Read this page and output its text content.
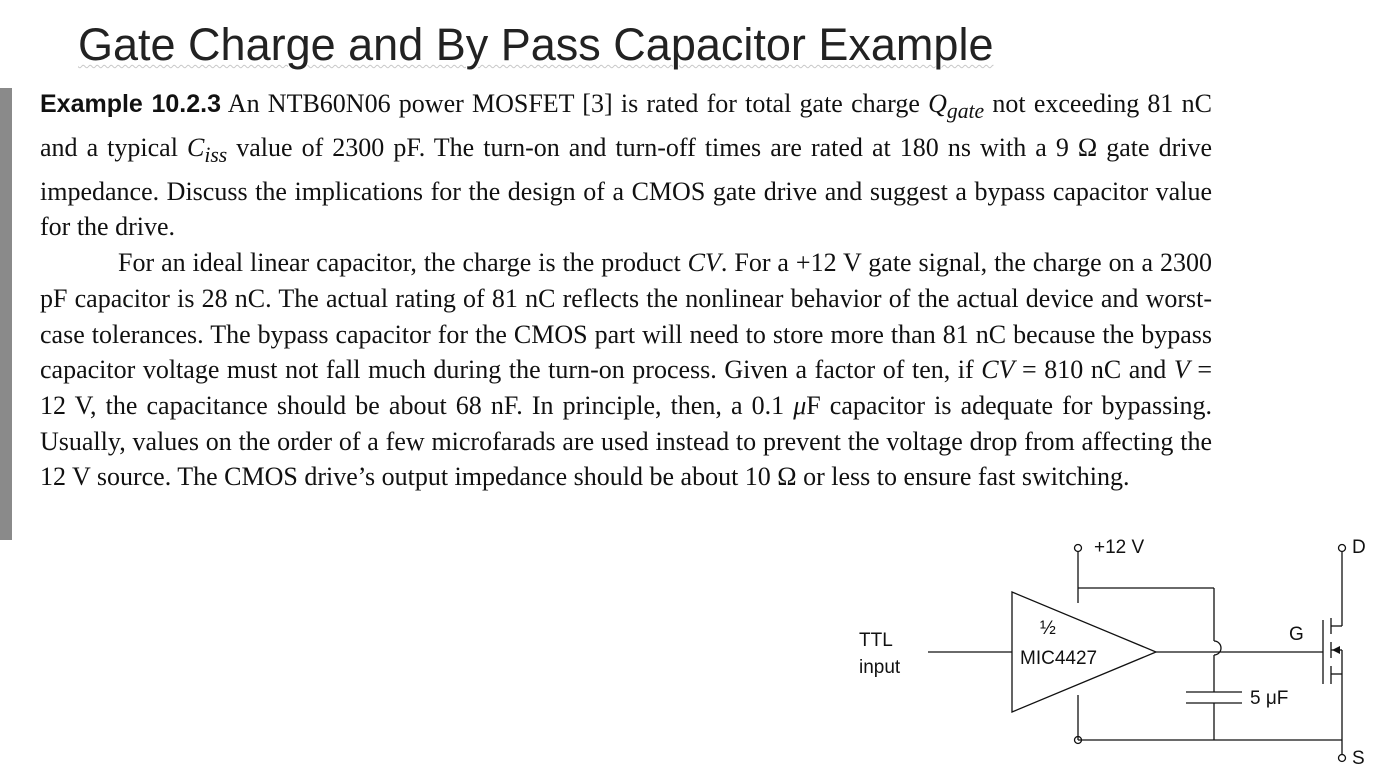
Gate Charge and By Pass Capacitor Example

Example 10.2.3 An NTB60N06 power MOSFET [3] is rated for total gate charge $Q_{gate}$ not exceeding 81 nC and a typical $C_{iss}$ value of 2300 pF. The turn-on and turn-off times are rated at 180 ns with a 9 Ω gate drive impedance. Discuss the implications for the design of a CMOS gate drive and suggest a bypass capacitor value for the drive.

For an ideal linear capacitor, the charge is the product CV. For a +12 V gate signal, the charge on a 2300 pF capacitor is 28 nC. The actual rating of 81 nC reflects the nonlinear behavior of the actual device and worst-case tolerances. The bypass capacitor for the CMOS part will need to store more than 81 nC because the bypass capacitor voltage must not fall much during the turn-on process. Given a factor of ten, if CV = 810 nC and V = 12 V, the capacitance should be about 68 nF. In principle, then, a 0.1 μF capacitor is adequate for bypassing. Usually, values on the order of a few microfarads are used instead to prevent the voltage drop from affecting the 12 V source. The CMOS drive’s output impedance should be about 10 Ω or less to ensure fast switching.

+12 V	D
S
G
½
MIC4427
TTL
input
5 μF
